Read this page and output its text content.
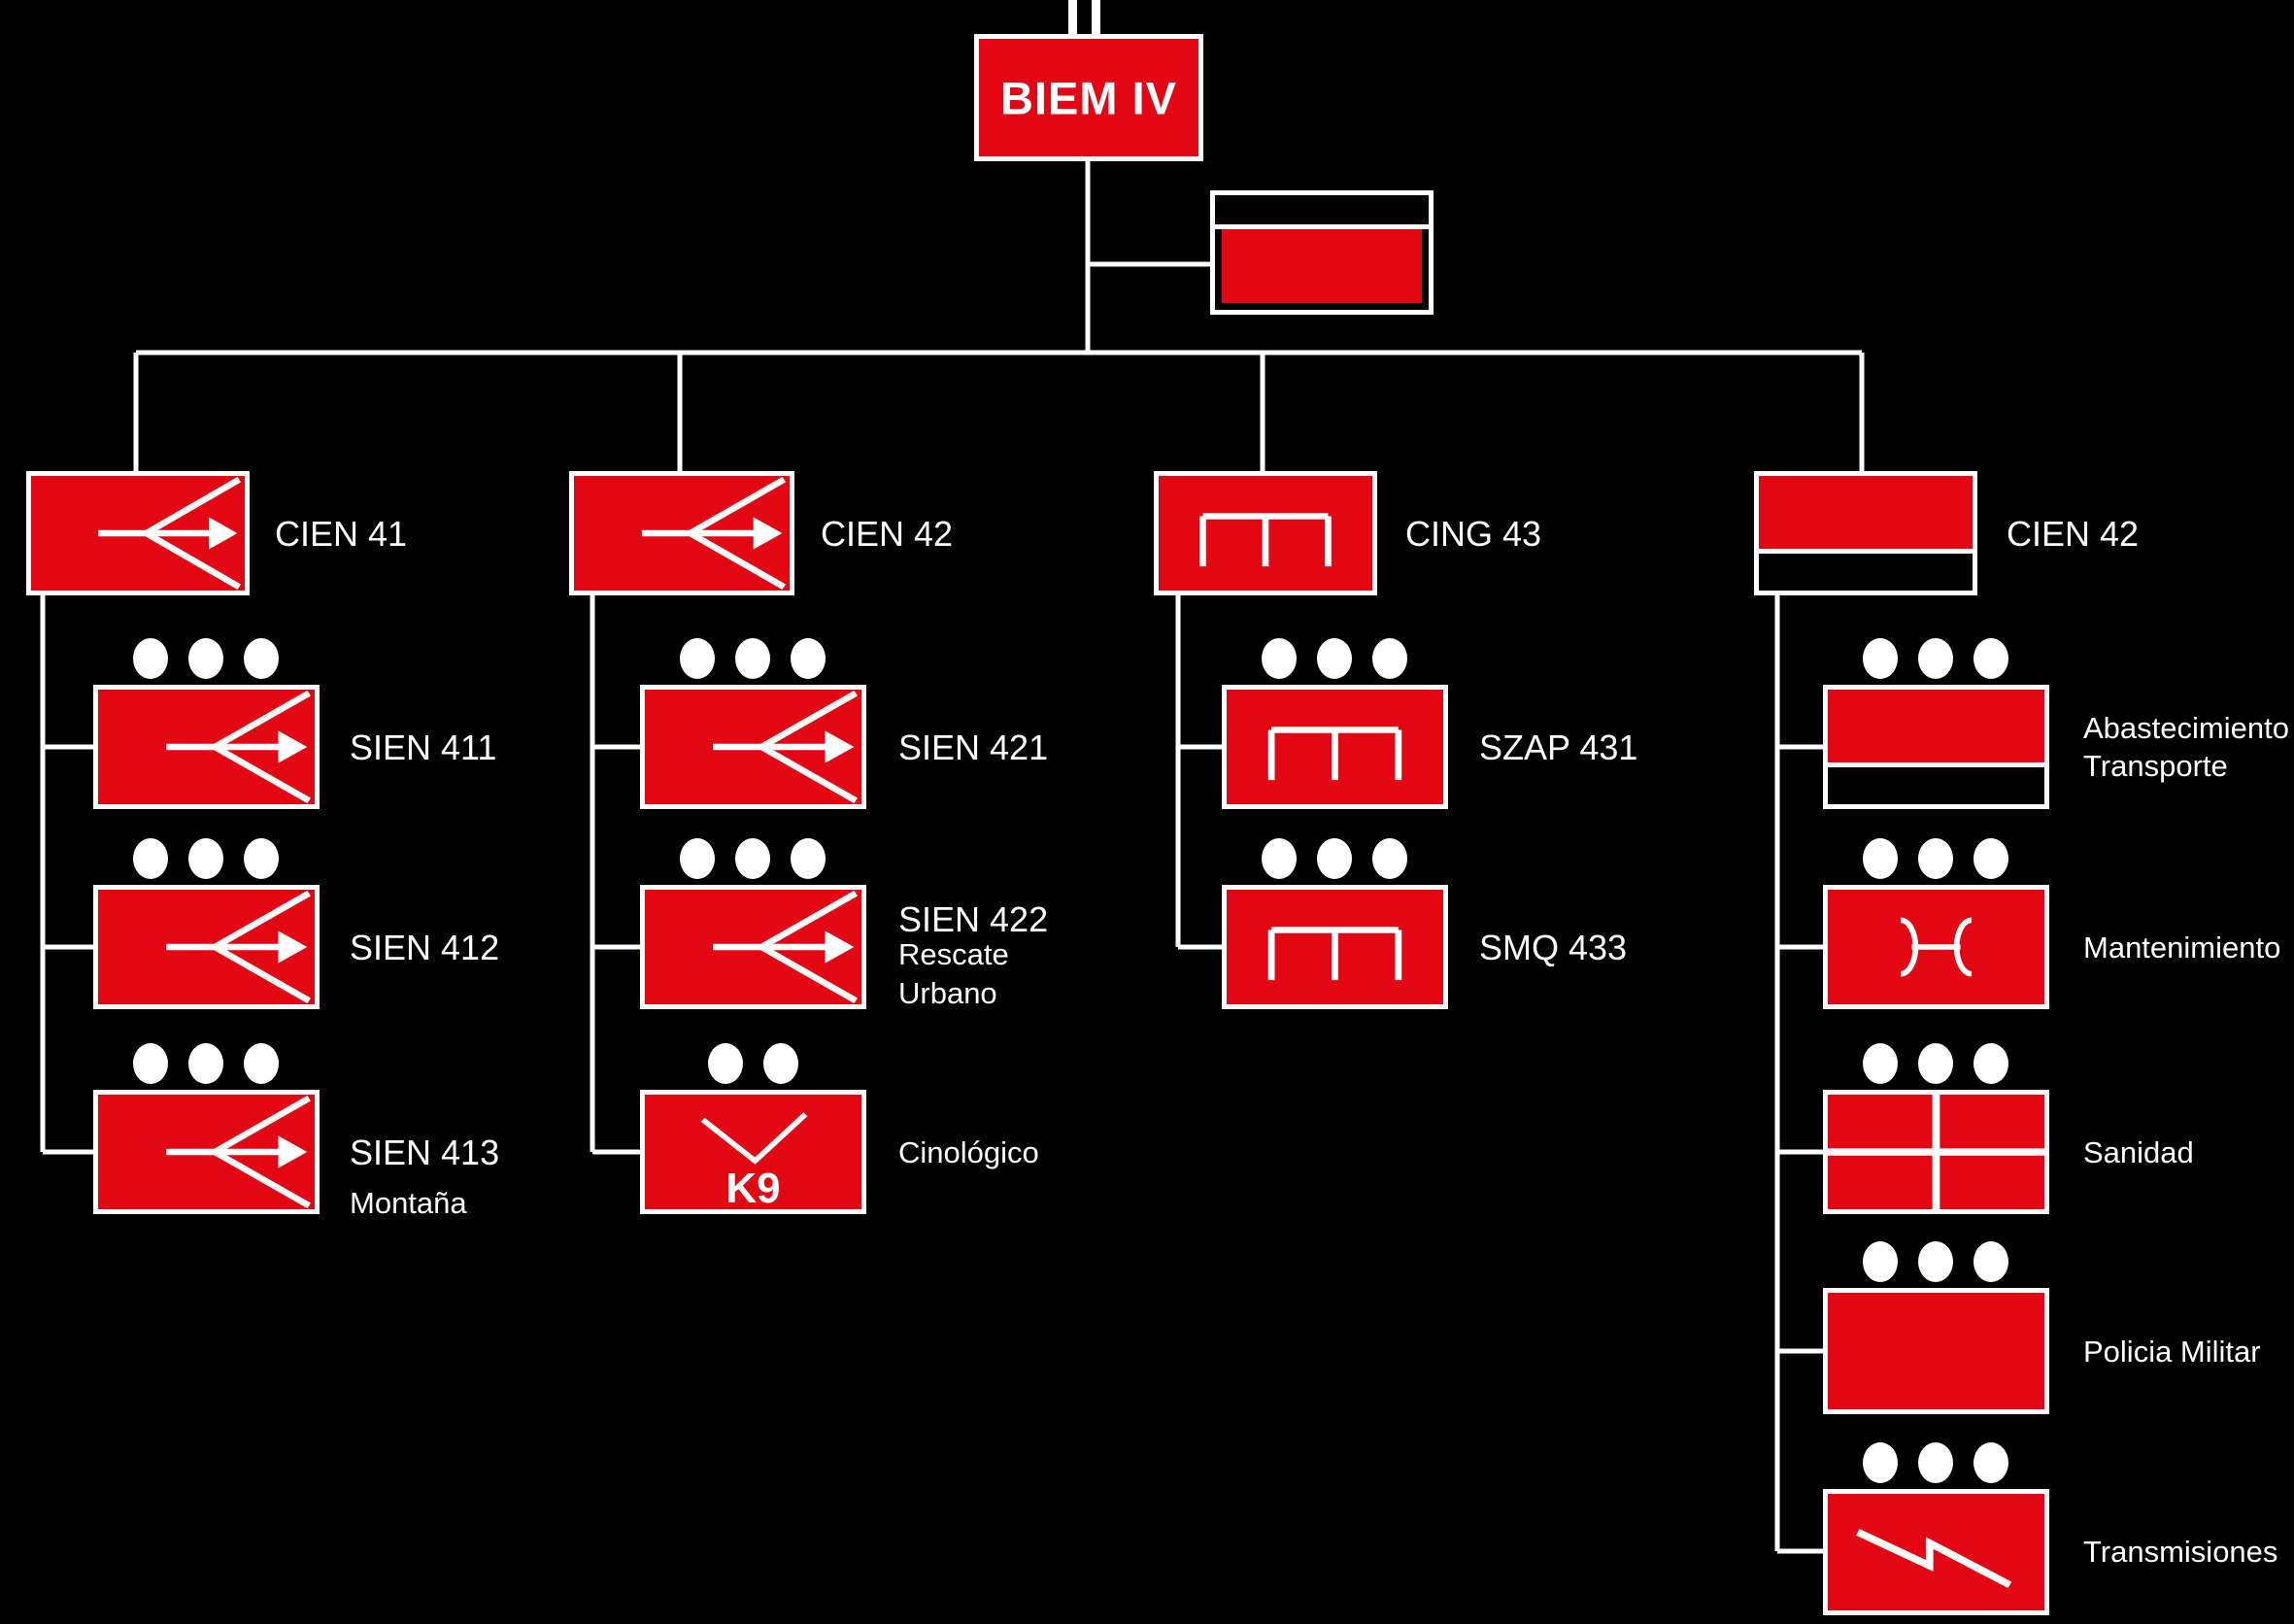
BIEM IV
CIEN 41	CIEN 42	CING 43	CIEN 42
SIEN 411
SIEN 412
SIEN 413
Montaña
SIEN 421
SIEN 422
Rescate
Urbano
K9
Cinológico
SZAP 431
SMQ 433
Abastecimiento
Transporte
Mantenimiento
Sanidad
Policia Militar
Transmisiones
